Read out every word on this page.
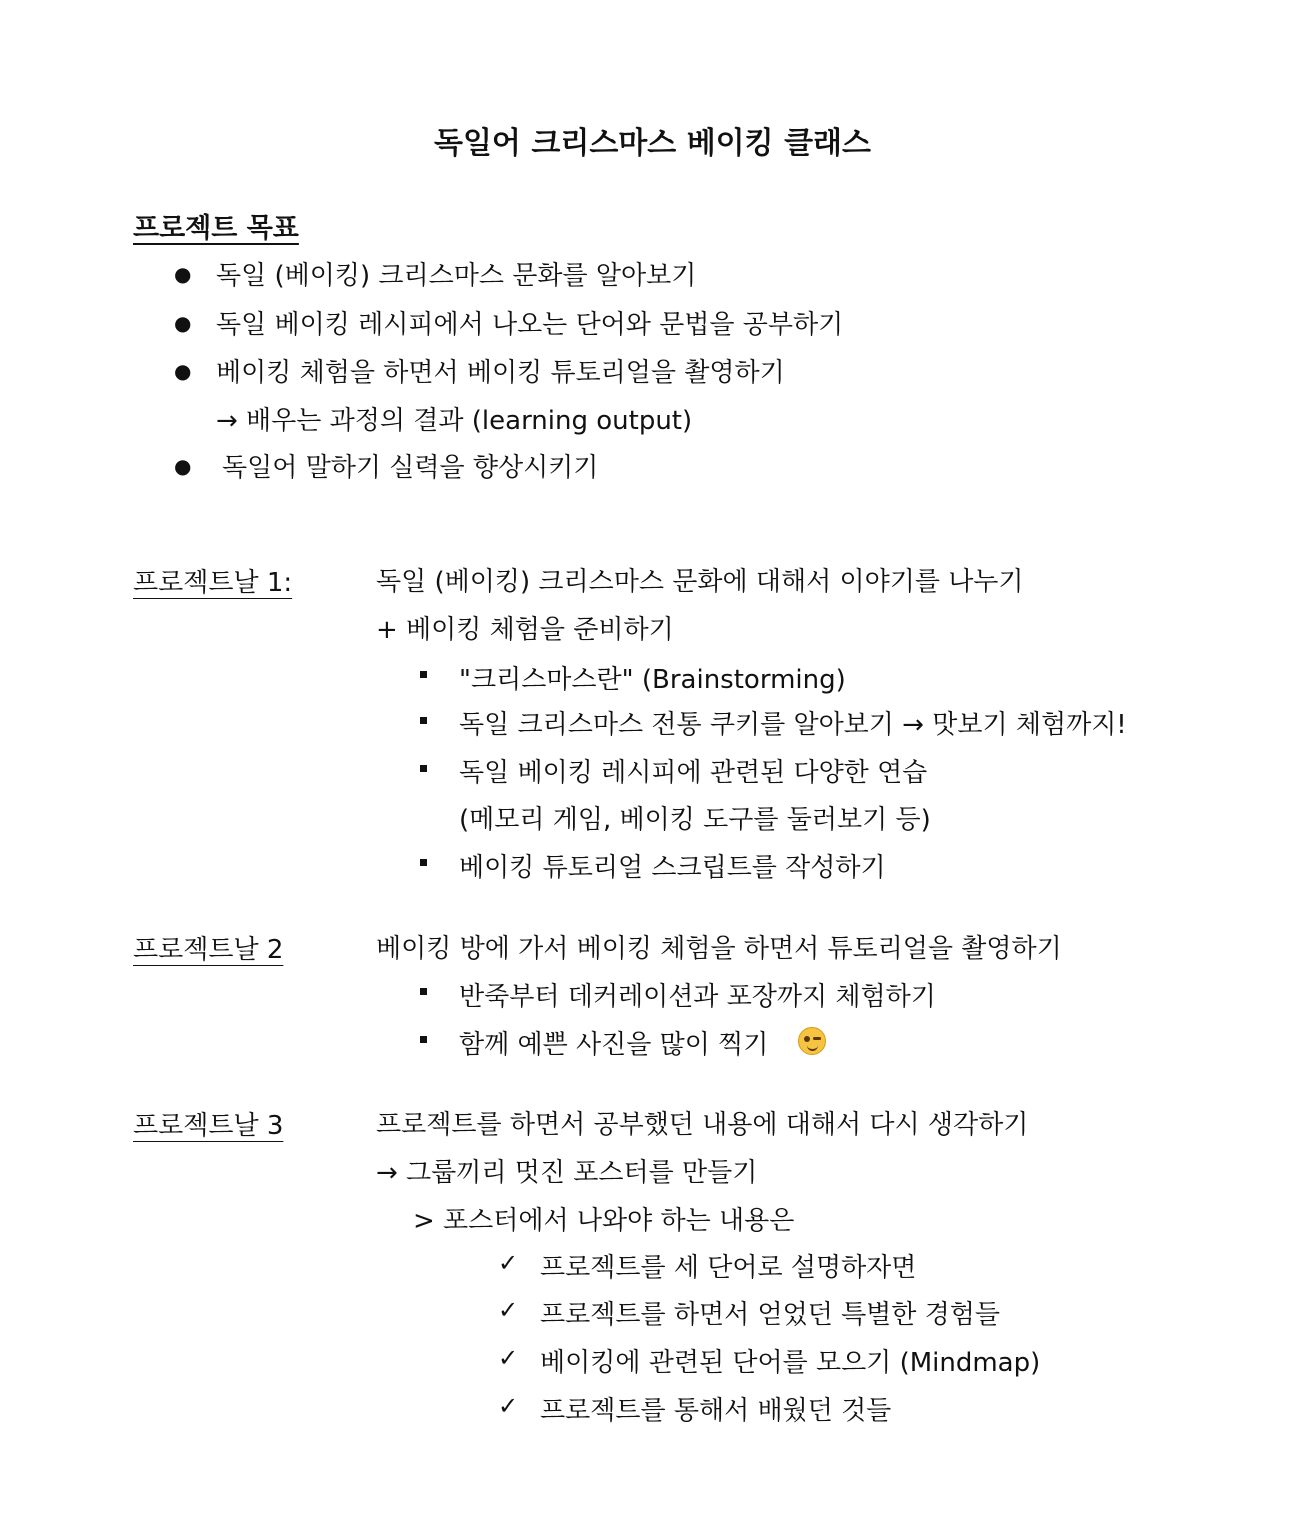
독일어 크리스마스 베이킹 클래스
프로젝트 목표
● 독일 (베이킹) 크리스마스 문화를 알아보기
● 독일 베이킹 레시피에서 나오는 단어와 문법을 공부하기
● 베이킹 체험을 하면서 베이킹 튜토리얼을 촬영하기
→ 배우는 과정의 결과 (learning output)
● 독일어 말하기 실력을 향상시키기
프로젝트날 1:	독일 (베이킹) 크리스마스 문화에 대해서 이야기를 나누기
+ 베이킹 체험을 준비하기
"크리스마스란" (Brainstorming)
독일 크리스마스 전통 쿠키를 알아보기 → 맛보기 체험까지!
독일 베이킹 레시피에 관련된 다양한 연습
(메모리 게임, 베이킹 도구를 둘러보기 등)
베이킹 튜토리얼 스크립트를 작성하기
프로젝트날 2	베이킹 방에 가서 베이킹 체험을 하면서 튜토리얼을 촬영하기
반죽부터 데커레이션과 포장까지 체험하기
함께 예쁜 사진을 많이 찍기
프로젝트날 3	프로젝트를 하면서 공부했던 내용에 대해서 다시 생각하기
→ 그룹끼리 멋진 포스터를 만들기
> 포스터에서 나와야 하는 내용은
✓ 프로젝트를 세 단어로 설명하자면
✓ 프로젝트를 하면서 얻었던 특별한 경험들
✓ 베이킹에 관련된 단어를 모으기 (Mindmap)
✓ 프로젝트를 통해서 배웠던 것들
